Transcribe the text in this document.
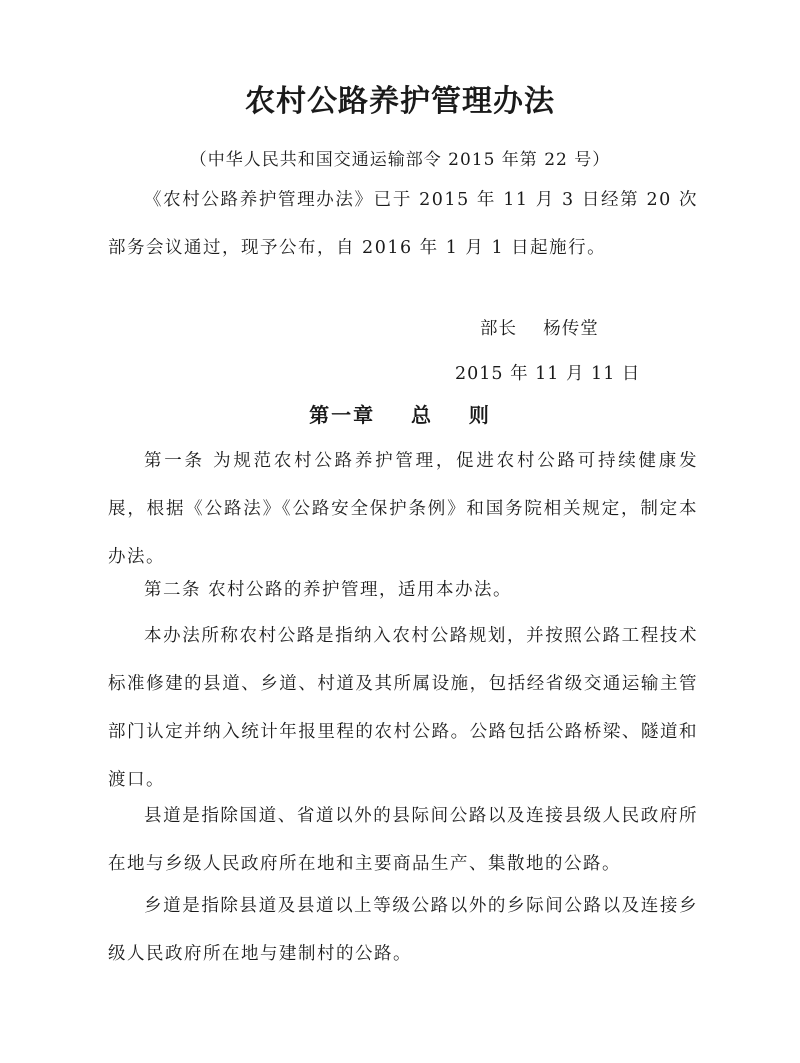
农村公路养护管理办法
（中华人民共和国交通运输部令 2015 年第 22 号）

《农村公路养护管理办法》已于 2015 年 11 月 3 日经第 20 次部务会议通过，现予公布，自 2016 年 1 月 1 日起施行。

部长    杨传堂
2015 年 11 月 11 日
第一章    总    则

第一条 为规范农村公路养护管理，促进农村公路可持续健康发展，根据《公路法》《公路安全保护条例》和国务院相关规定，制定本办法。

第二条 农村公路的养护管理，适用本办法。

本办法所称农村公路是指纳入农村公路规划，并按照公路工程技术标准修建的县道、乡道、村道及其所属设施，包括经省级交通运输主管部门认定并纳入统计年报里程的农村公路。公路包括公路桥梁、隧道和渡口。

县道是指除国道、省道以外的县际间公路以及连接县级人民政府所在地与乡级人民政府所在地和主要商品生产、集散地的公路。

乡道是指除县道及县道以上等级公路以外的乡际间公路以及连接乡级人民政府所在地与建制村的公路。
